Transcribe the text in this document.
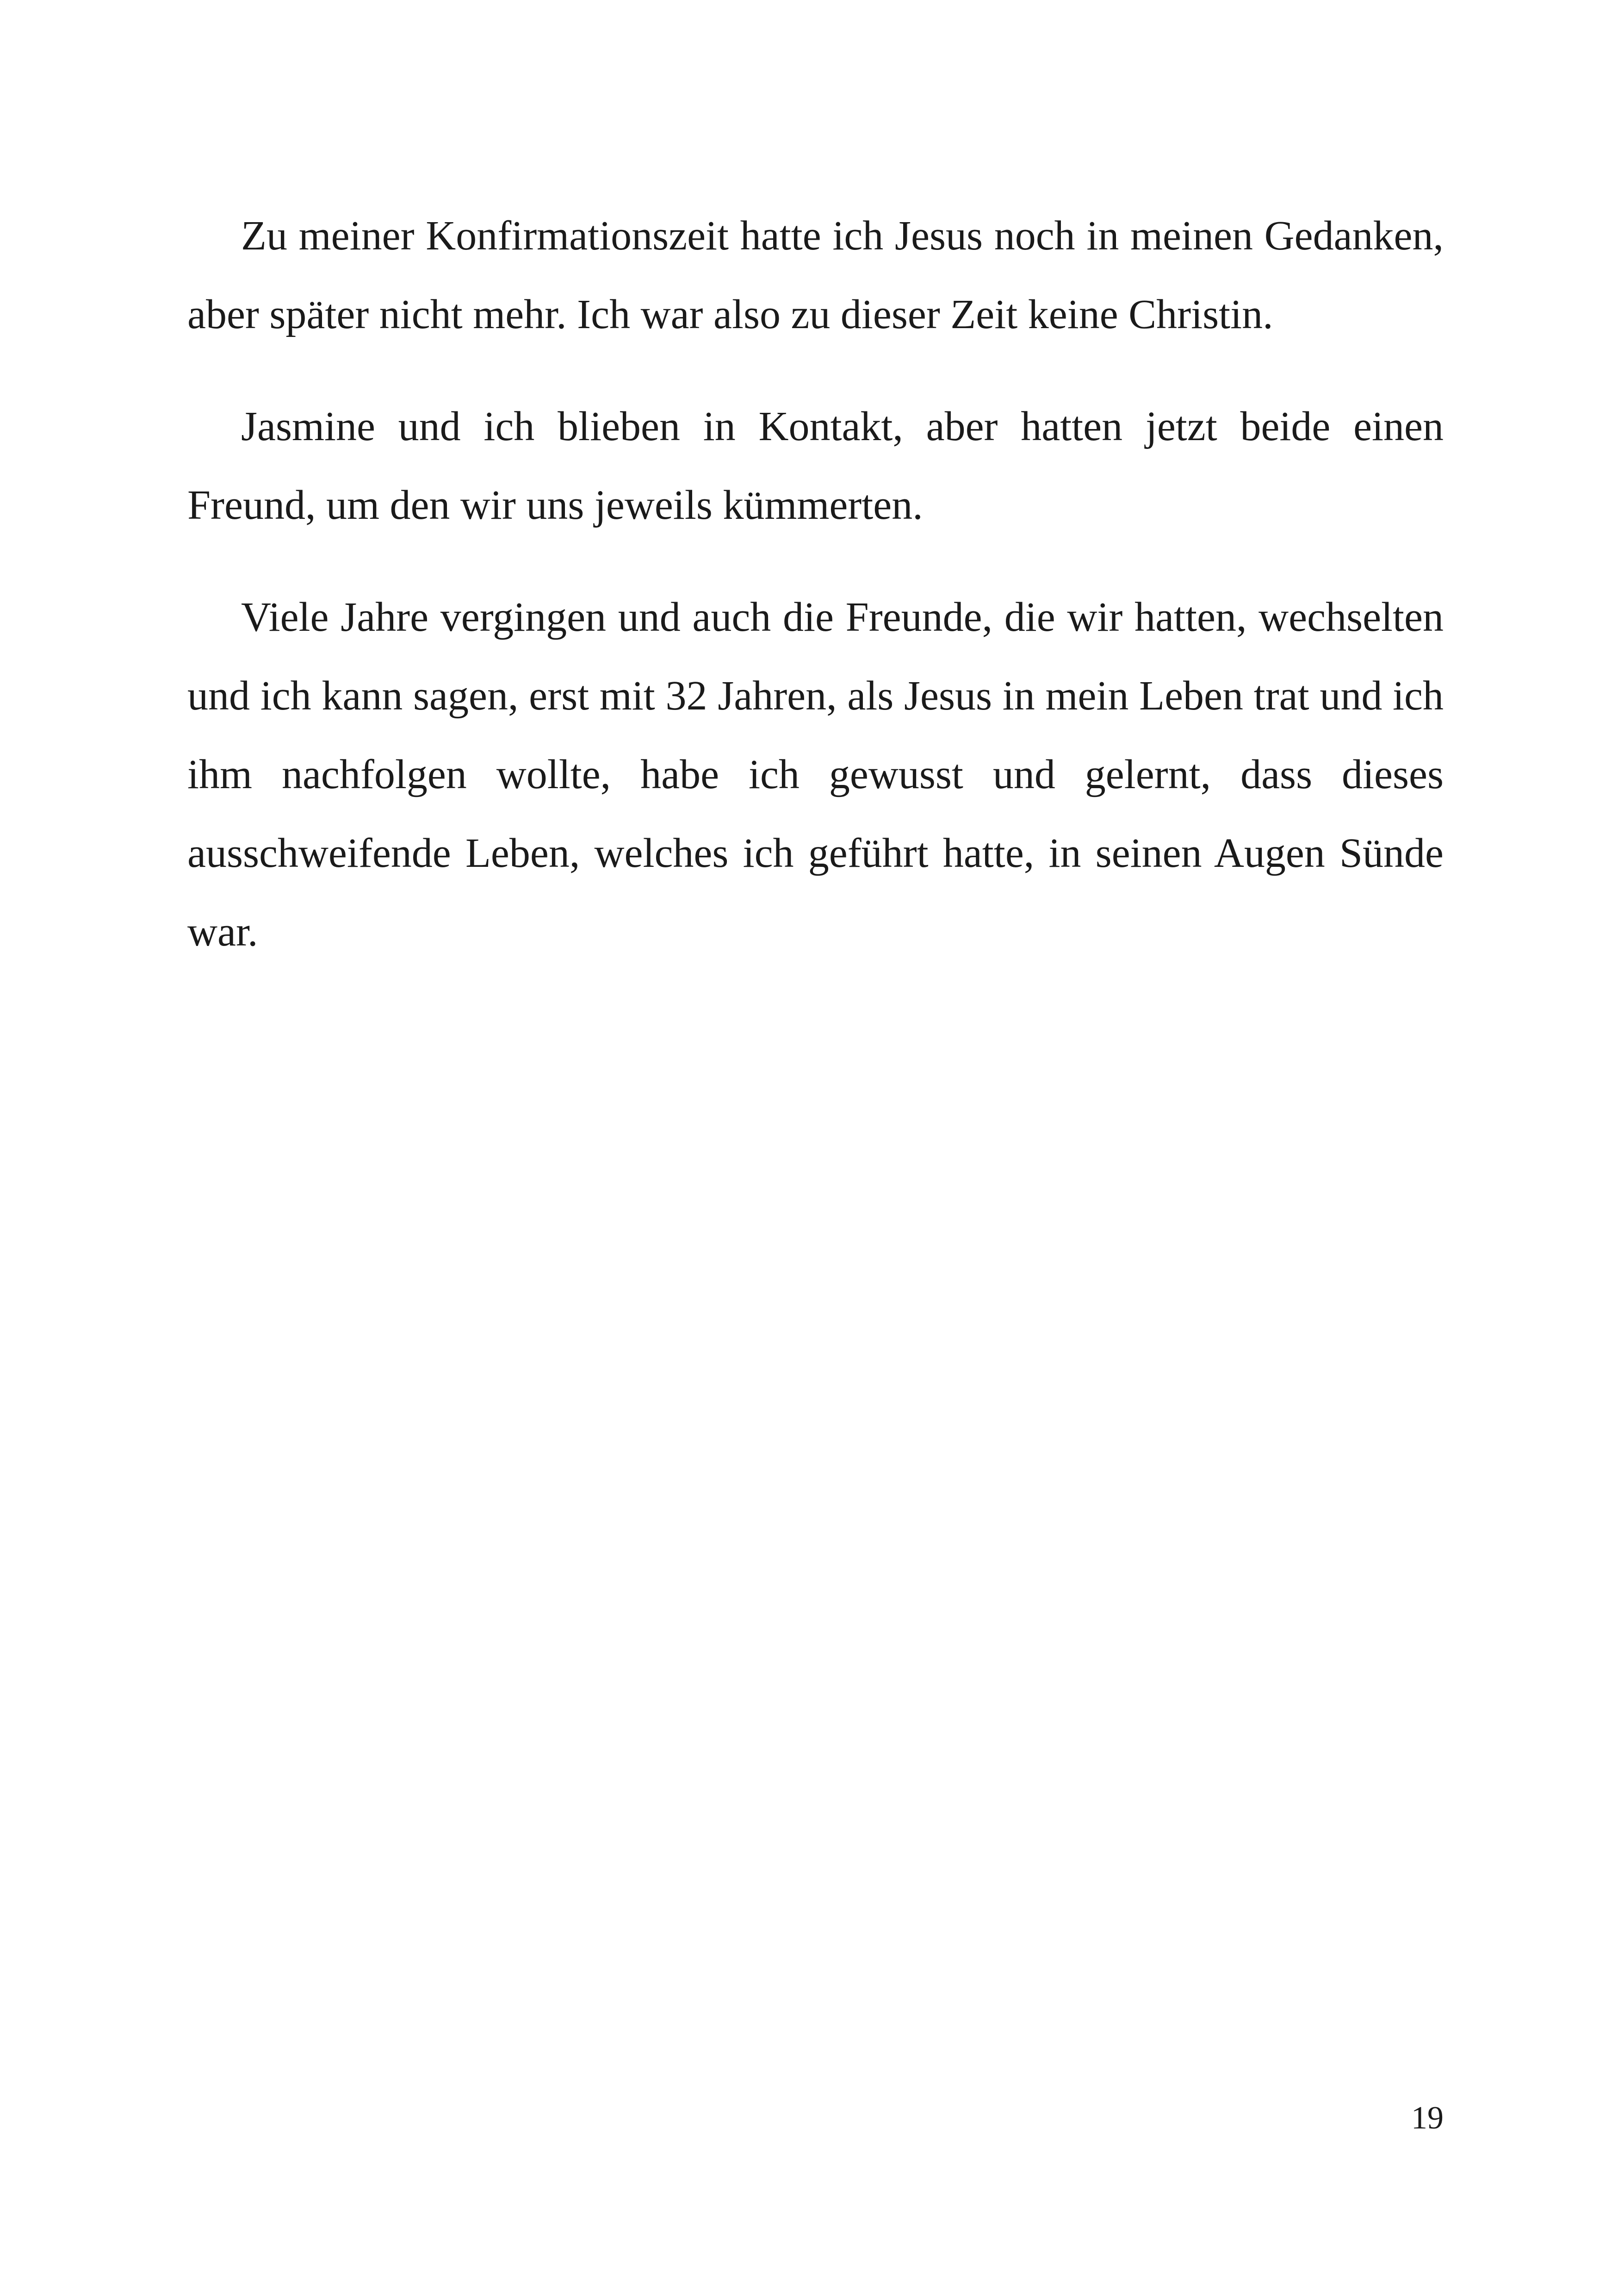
Zu meiner Konfirmationszeit hatte ich Jesus noch in meinen Gedanken, aber später nicht mehr. Ich war also zu dieser Zeit keine Christin.

Jasmine und ich blieben in Kontakt, aber hatten jetzt beide einen Freund, um den wir uns jeweils kümmerten.

Viele Jahre vergingen und auch die Freunde, die wir hatten, wechselten und ich kann sagen, erst mit 32 Jahren, als Jesus in mein Leben trat und ich ihm nachfolgen wollte, habe ich gewusst und gelernt, dass dieses ausschweifende Leben, welches ich geführt hatte, in seinen Augen Sünde war.

19
